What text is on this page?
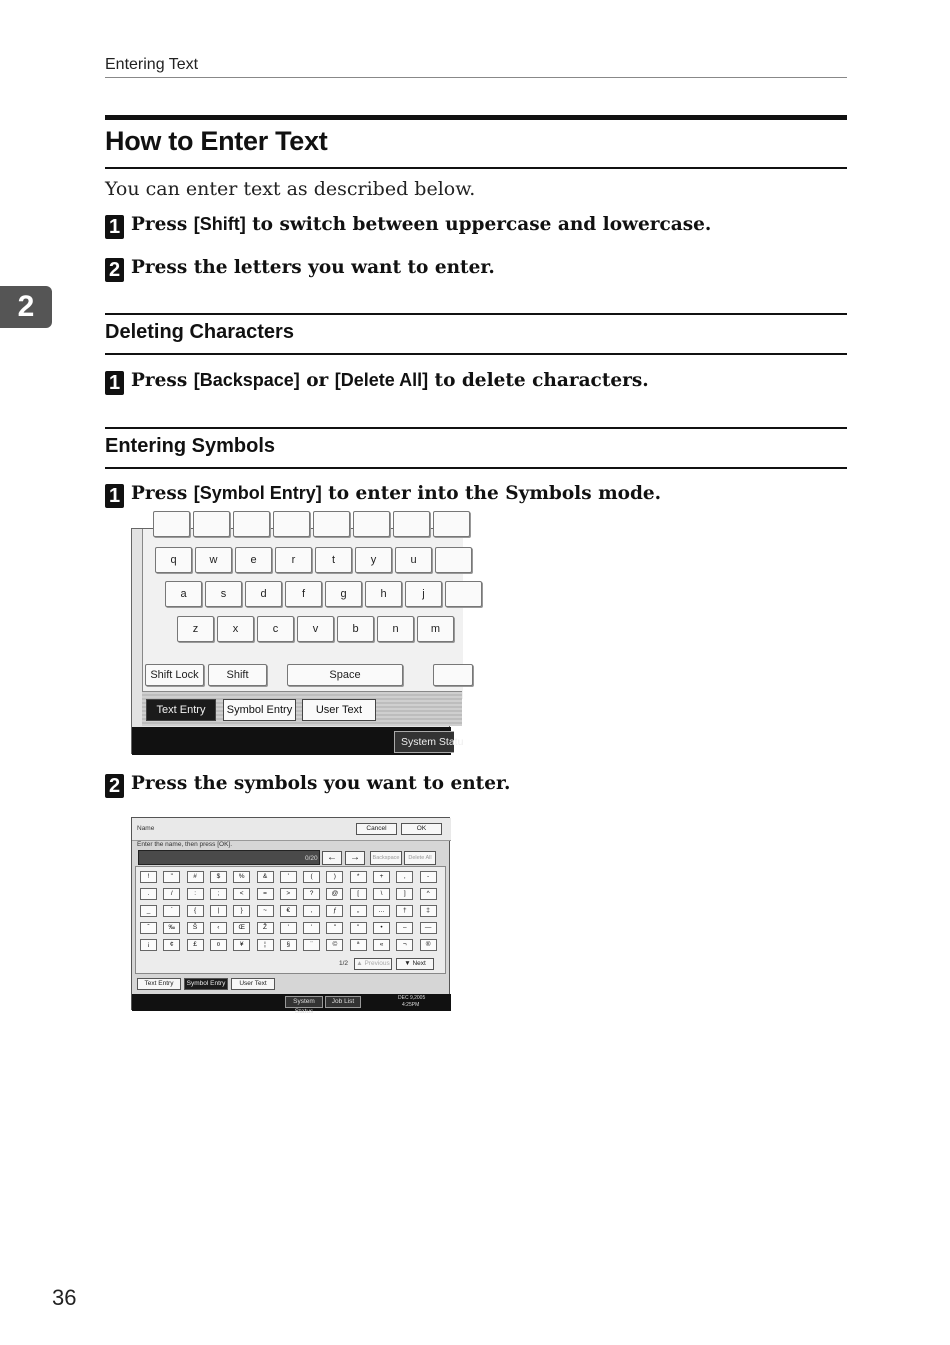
Entering Text
2
How to Enter Text
You can enter text as described below.
1 Press [Shift] to switch between uppercase and lowercase.
2 Press the letters you want to enter.
Deleting Characters
1 Press [Backspace] or [Delete All] to delete characters.
Entering Symbols
1 Press [Symbol Entry] to enter into the Symbols mode.
q	w	e	r	t	y	u
a	s	d	f	g	h	j
z	x	c	v	b	n	m
Shift Lock	Shift	Space
Text Entry	Symbol Entry	User Text
System Statu
2 Press the symbols you want to enter.
Name	Cancel	OK
Enter the name, then press [OK].
0/20 ←	→	Backspace	Delete All
!	"	#	$	%	&	'	(	)	*	+	,	-
.	/	:	;	<	=	>	?	@	[	\	]	^
_	`	{	|	}	~	€	,	ƒ	„	…	†	‡
ˆ	‰	Š	‹	Œ	Ž	'	'	"	"	•	–	—
¡	¢	£	¤	¥	¦	§	¨	©	ª	«	¬	®
1/2	▲ Previous	▼ Next
Text Entry	Symbol Entry	User Text
System Status
Job List	DEC 9,2005
4:25PM
36
